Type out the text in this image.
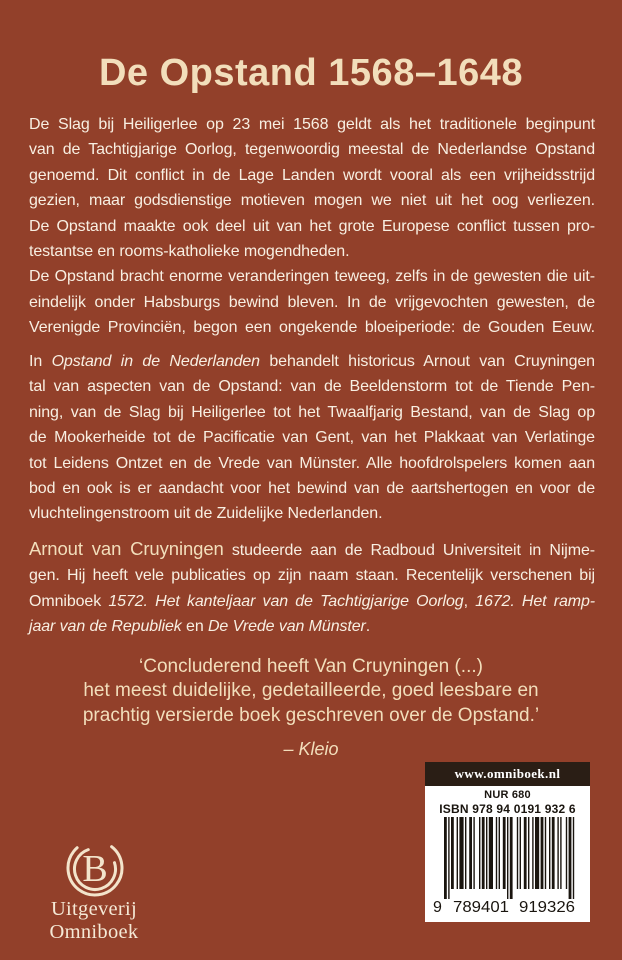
De Opstand 1568–1648
De Slag bij Heiligerlee op 23 mei 1568 geldt als het traditionele beginpunt
van de Tachtigjarige Oorlog, tegenwoordig meestal de Nederlandse Opstand
genoemd. Dit conflict in de Lage Landen wordt vooral als een vrijheidsstrijd
gezien, maar godsdienstige motieven mogen we niet uit het oog verliezen.
De Opstand maakte ook deel uit van het grote Europese conflict tussen pro-
testantse en rooms-katholieke mogendheden.
De Opstand bracht enorme veranderingen teweeg, zelfs in de gewesten die uit-
eindelijk onder Habsburgs bewind bleven. In de vrijgevochten gewesten, de
Verenigde Provinciën, begon een ongekende bloeiperiode: de Gouden Eeuw.
In Opstand in de Nederlanden behandelt historicus Arnout van Cruyningen
tal van aspecten van de Opstand: van de Beeldenstorm tot de Tiende Pen-
ning, van de Slag bij Heiligerlee tot het Twaalfjarig Bestand, van de Slag op
de Mookerheide tot de Pacificatie van Gent, van het Plakkaat van Verlatinge
tot Leidens Ontzet en de Vrede van Münster. Alle hoofdrolspelers komen aan
bod en ook is er aandacht voor het bewind van de aartshertogen en voor de
vluchtelingenstroom uit de Zuidelijke Nederlanden.
Arnout van Cruyningen studeerde aan de Radboud Universiteit in Nijme-
gen. Hij heeft vele publicaties op zijn naam staan. Recentelijk verschenen bij
Omniboek 1572. Het kanteljaar van de Tachtigjarige Oorlog, 1672. Het ramp-
jaar van de Republiek en De Vrede van Münster.
‘Concluderend heeft Van Cruyningen (...)
het meest duidelijke, gedetailleerde, goed leesbare en
prachtig versierde boek geschreven over de Opstand.’
– Kleio
B
Uitgeverij Omniboek
www.omniboek.nl
NUR 680
ISBN 978 94 0191 932 6
9 789401 919326
